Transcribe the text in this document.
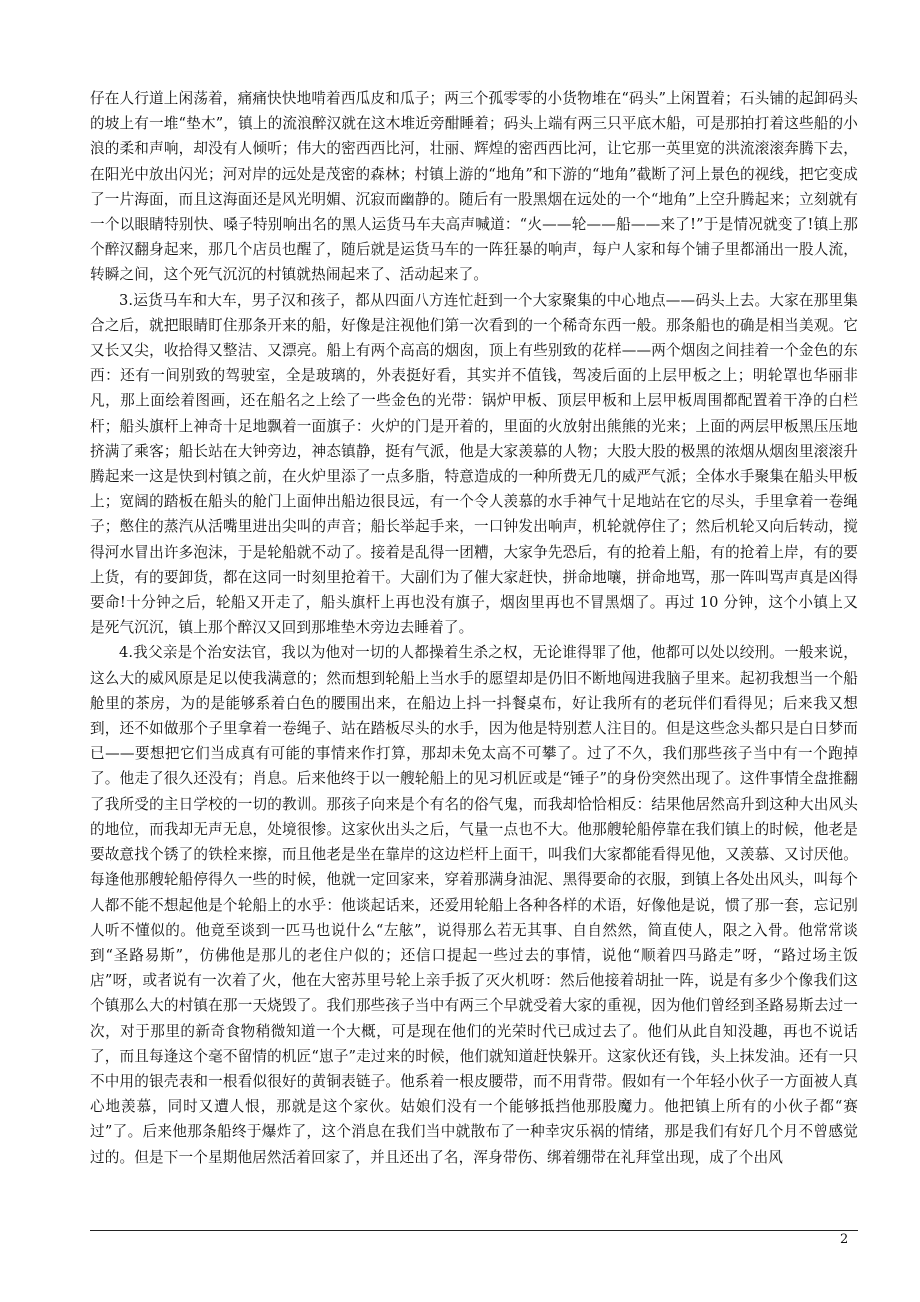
仔在人行道上闲荡着，痛痛快快地啃着西瓜皮和瓜子；两三个孤零零的小货物堆在“码头”上闲置着；石头铺的起卸码头的坡上有一堆“垫木”，镇上的流浪醉汉就在这木堆近旁酣睡着；码头上端有两三只平底木船，可是那拍打着这些船的小浪的柔和声响，却没有人倾听；伟大的密西西比河，壮丽、辉煌的密西西比河，让它那一英里宽的洪流滚滚奔腾下去，在阳光中放出闪光；河对岸的远处是茂密的森林；村镇上游的“地角”和下游的“地角”截断了河上景色的视线，把它变成了一片海面，而且这海面还是风光明媚、沉寂而幽静的。随后有一股黑烟在远处的一个“地角”上空升腾起来；立刻就有一个以眼睛特别快、嗓子特别响出名的黑人运货马车夫高声喊道：“火——轮——船——来了!”于是情况就变了!镇上那个醉汉翻身起来，那几个店员也醒了，随后就是运货马车的一阵狂暴的响声，每户人家和每个铺子里都涌出一股人流，转瞬之间，这个死气沉沉的村镇就热闹起来了、活动起来了。

3.运货马车和大车，男子汉和孩子，都从四面八方连忙赶到一个大家聚集的中心地点——码头上去。大家在那里集合之后，就把眼睛盯住那条开来的船，好像是注视他们第一次看到的一个稀奇东西一般。那条船也的确是相当美观。它又长又尖，收拾得又整洁、又漂亮。船上有两个高高的烟囱，顶上有些别致的花样——两个烟囱之间挂着一个金色的东西：还有一间别致的驾驶室，全是玻璃的，外表挺好看，其实并不值钱，驾凌后面的上层甲板之上；明轮罩也华丽非凡，那上面绘着图画，还在船名之上绘了一些金色的光带：锅炉甲板、顶层甲板和上层甲板周围都配置着干净的白栏杆；船头旗杆上神奇十足地飘着一面旗子：火炉的门是开着的，里面的火放射出熊熊的光来；上面的两层甲板黑压压地挤满了乘客；船长站在大钟旁边，神态镇静，挺有气派，他是大家羡慕的人物；大股大股的极黑的浓烟从烟囱里滚滚升腾起来一这是快到村镇之前，在火炉里添了一点多脂，特意造成的一种所费无几的威严气派；全体水手聚集在船头甲板上；宽阔的踏板在船头的舱门上面伸出船边很艮远，有一个令人羡慕的水手神气十足地站在它的尽头，手里拿着一卷绳子；憋住的蒸汽从活嘴里进出尖叫的声音；船长举起手来，一口钟发出响声，机轮就停住了；然后机轮又向后转动，搅得河水冒出许多泡沫，于是轮船就不动了。接着是乱得一团糟，大家争先恐后，有的抢着上船，有的抢着上岸，有的要上货，有的要卸货，都在这同一时刻里抢着干。大副们为了催大家赶快，拼命地嚷，拼命地骂，那一阵叫骂声真是凶得要命!十分钟之后，轮船又开走了，船头旗杆上再也没有旗子，烟囱里再也不冒黑烟了。再过 10 分钟，这个小镇上又是死气沉沉，镇上那个醉汉又回到那堆垫木旁边去睡着了。

4.我父亲是个治安法官，我以为他对一切的人都操着生杀之权，无论谁得罪了他，他都可以处以绞刑。一般来说，这么大的威风原是足以使我满意的；然而想到轮船上当水手的愿望却是仍旧不断地闯进我脑子里来。起初我想当一个船舱里的茶房，为的是能够系着白色的腰围出来，在船边上抖一抖餐桌布，好让我所有的老玩伴们看得见；后来我又想到，还不如做那个子里拿着一卷绳子、站在踏板尽头的水手，因为他是特别惹人注目的。但是这些念头都只是白日梦而已——要想把它们当成真有可能的事情来作打算，那却未免太高不可攀了。过了不久，我们那些孩子当中有一个跑掉了。他走了很久还没有；肖息。后来他终于以一艘轮船上的见习机匠或是“锤子”的身份突然出现了。这件事情全盘推翻了我所受的主日学校的一切的教训。那孩子向来是个有名的俗气鬼，而我却恰恰相反：结果他居然高升到这种大出风头的地位，而我却无声无息，处境很惨。这家伙出头之后，气量一点也不大。他那艘轮船停靠在我们镇上的时候，他老是要故意找个锈了的铁栓来擦，而且他老是坐在靠岸的这边栏杆上面干，叫我们大家都能看得见他，又羡慕、又讨厌他。每逢他那艘轮船停得久一些的时候，他就一定回家来，穿着那满身油泥、黑得要命的衣服，到镇上各处出风头，叫每个人都不能不想起他是个轮船上的水乎：他谈起话来，还爱用轮船上各种各样的术语，好像他是说，惯了那一套，忘记别人听不懂似的。他竟至谈到一匹马也说什么“左舷”，说得那么若无其事、自自然然，简直使人，限之入骨。他常常谈到“圣路易斯”，仿佛他是那儿的老住户似的；还信口提起一些过去的事情，说他“顺着四马路走”呀，“路过场主饭店”呀，或者说有一次着了火，他在大密苏里号轮上亲手扳了灭火机呀：然后他接着胡扯一阵，说是有多少个像我们这个镇那么大的村镇在那一天烧毁了。我们那些孩子当中有两三个早就受着大家的重视，因为他们曾经到圣路易斯去过一次，对于那里的新奇食物稍微知道一个大概，可是现在他们的光荣时代已成过去了。他们从此自知没趣，再也不说话了，而且每逢这个毫不留情的机匠“崽子”走过来的时候，他们就知道赶快躲开。这家伙还有钱，头上抹发油。还有一只不中用的银壳表和一根看似很好的黄铜表链子。他系着一根皮腰带，而不用背带。假如有一个年轻小伙子一方面被人真心地羡慕，同时又遭人恨，那就是这个家伙。姑娘们没有一个能够抵挡他那股魔力。他把镇上所有的小伙子都“赛过”了。后来他那条船终于爆炸了，这个消息在我们当中就散布了一种幸灾乐祸的情绪，那是我们有好几个月不曾感觉过的。但是下一个星期他居然活着回家了，并且还出了名，浑身带伤、绑着绷带在礼拜堂出现，成了个出风

2
